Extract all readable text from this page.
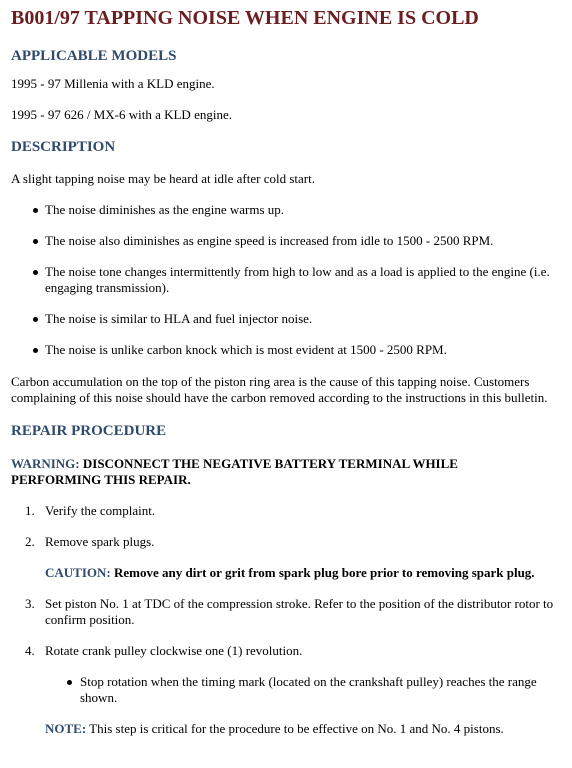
B001/97 TAPPING NOISE WHEN ENGINE IS COLD
APPLICABLE MODELS

1995 - 97 Millenia with a KLD engine.

1995 - 97 626 / MX-6 with a KLD engine.

DESCRIPTION

A slight tapping noise may be heard at idle after cold start.

The noise diminishes as the engine warms up.
The noise also diminishes as engine speed is increased from idle to 1500 - 2500 RPM.
The noise tone changes intermittently from high to low and as a load is applied to the engine (i.e. engaging transmission).
The noise is similar to HLA and fuel injector noise.
The noise is unlike carbon knock which is most evident at 1500 - 2500 RPM.

Carbon accumulation on the top of the piston ring area is the cause of this tapping noise. Customers complaining of this noise should have the carbon removed according to the instructions in this bulletin.

REPAIR PROCEDURE

WARNING: DISCONNECT THE NEGATIVE BATTERY TERMINAL WHILE PERFORMING THIS REPAIR.

1. Verify the complaint.
2. Remove spark plugs.
CAUTION: Remove any dirt or grit from spark plug bore prior to removing spark plug.
3. Set piston No. 1 at TDC of the compression stroke. Refer to the position of the distributor rotor to confirm position.
4. Rotate crank pulley clockwise one (1) revolution.
Stop rotation when the timing mark (located on the crankshaft pulley) reaches the range shown.
NOTE: This step is critical for the procedure to be effective on No. 1 and No. 4 pistons.
